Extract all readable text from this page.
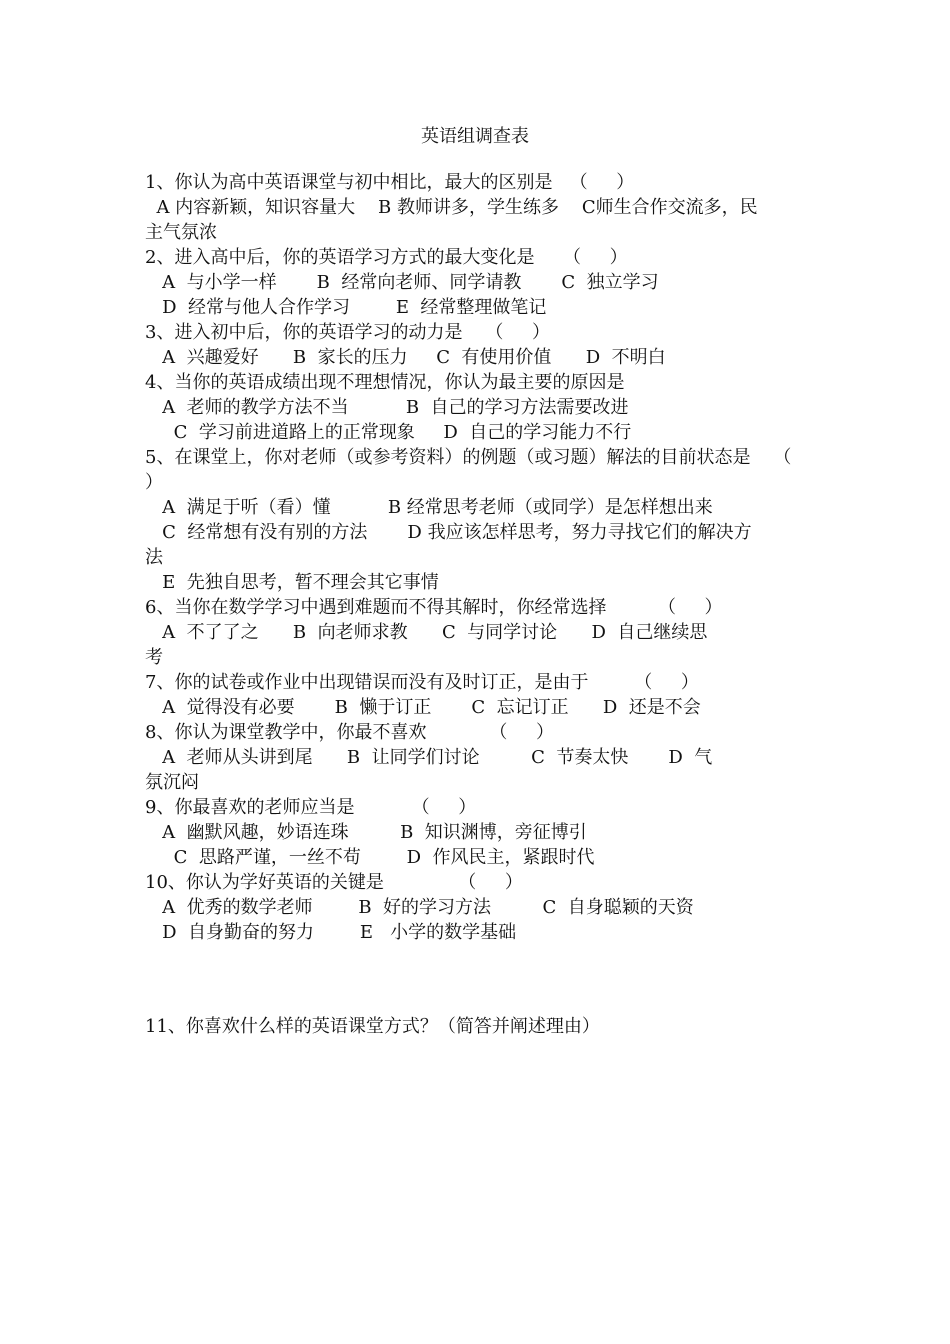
英语组调查表
1、你认为高中英语课堂与初中相比，最大的区别是   （     ）
A 内容新颖，知识容量大    B 教师讲多，学生练多    C师生合作交流多，民
主气氛浓
2、进入高中后，你的英语学习方式的最大变化是     （     ）
A  与小学一样       B  经常向老师、同学请教       C  独立学习
D  经常与他人合作学习        E  经常整理做笔记
3、进入初中后，你的英语学习的动力是    （     ）
A  兴趣爱好      B  家长的压力     C  有使用价值      D  不明白
4、当你的英语成绩出现不理想情况，你认为最主要的原因是
A  老师的教学方法不当          B  自己的学习方法需要改进
C  学习前进道路上的正常现象     D  自己的学习能力不行
5、在课堂上，你对老师（或参考资料）的例题（或习题）解法的目前状态是    （
）
A  满足于听（看）懂          B 经常思考老师（或同学）是怎样想出来
C  经常想有没有别的方法       D 我应该怎样思考，努力寻找它们的解决方
法
E  先独自思考，暂不理会其它事情
6、当你在数学学习中遇到难题而不得其解时，你经常选择         （     ）
A  不了了之      B  向老师求教      C  与同学讨论      D  自己继续思
考
7、你的试卷或作业中出现错误而没有及时订正，是由于        （     ）
A  觉得没有必要       B  懒于订正       C  忘记订正      D  还是不会
8、你认为课堂教学中，你最不喜欢           （     ）
A  老师从头讲到尾      B  让同学们讨论         C  节奏太快       D  气
氛沉闷
9、你最喜欢的老师应当是          （     ）
A  幽默风趣，妙语连珠         B  知识渊博，旁征博引
C  思路严谨，一丝不苟        D  作风民主，紧跟时代
10、你认为学好英语的关键是             （     ）
A  优秀的数学老师        B  好的学习方法         C  自身聪颖的天资
D  自身勤奋的努力        E   小学的数学基础
11、你喜欢什么样的英语课堂方式？（简答并阐述理由）
